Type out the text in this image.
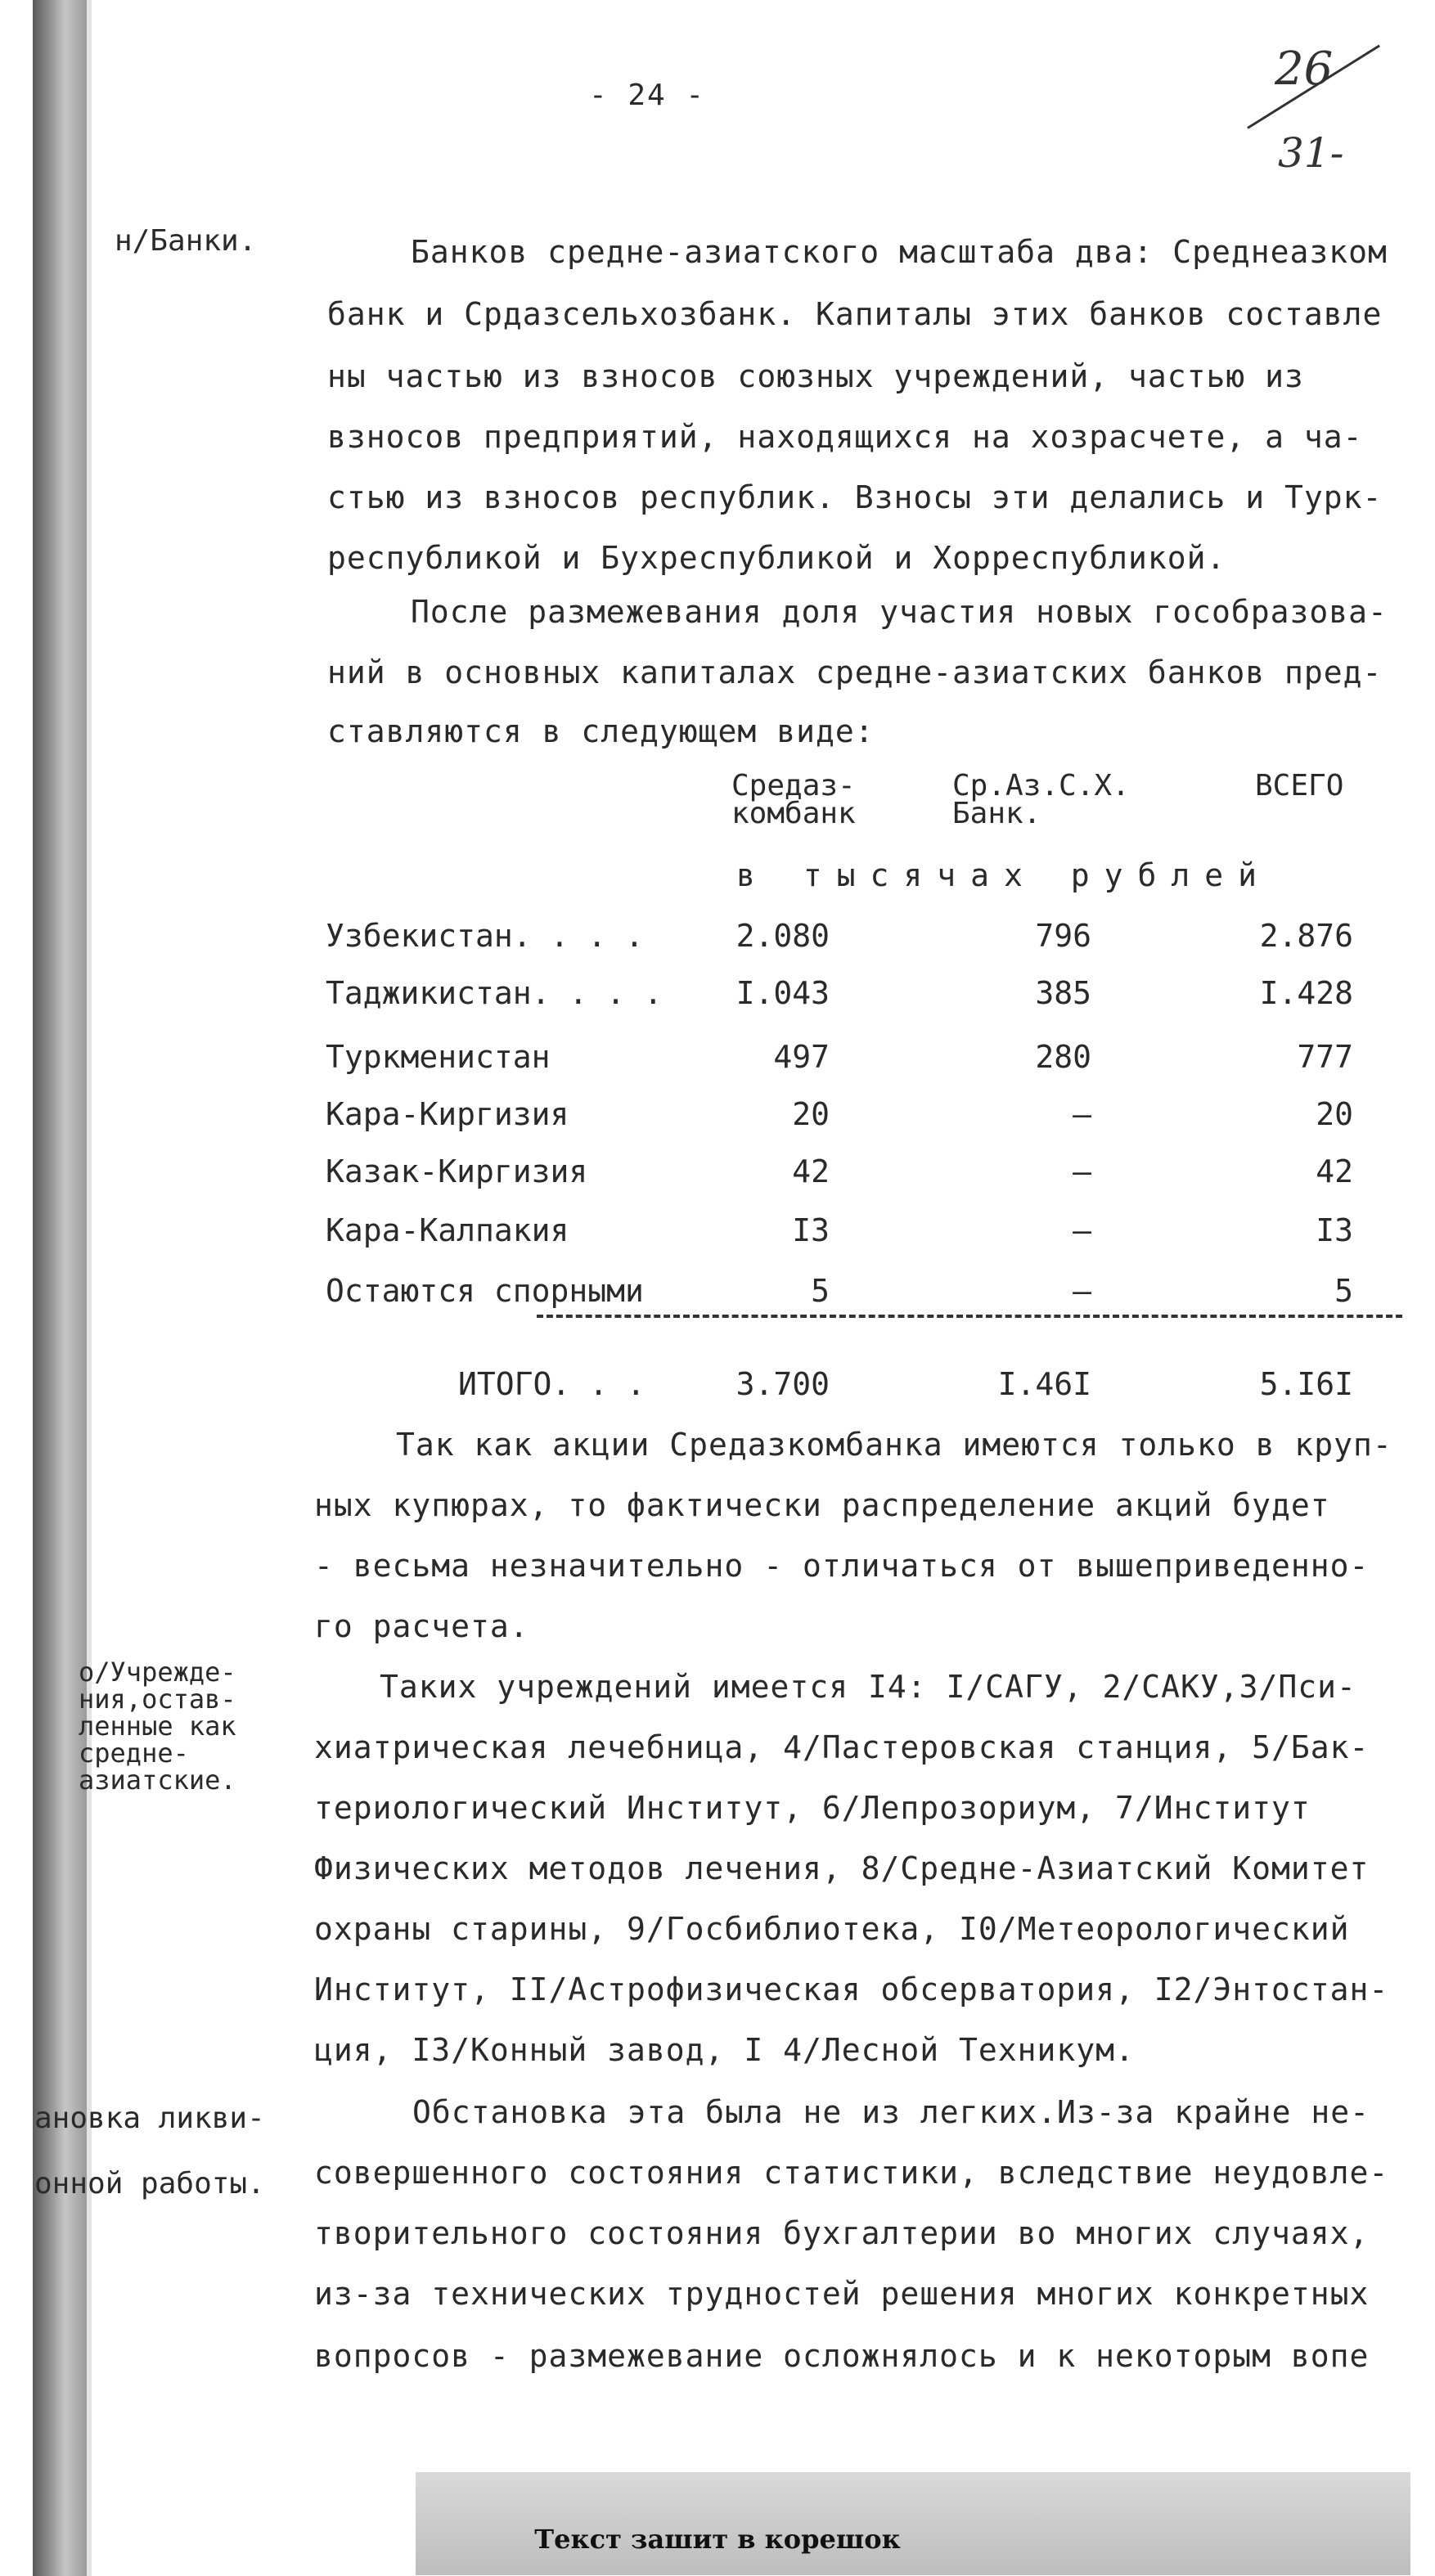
- 24 -	26
31-
н/Банки.
о/Учрежде-
ния,остав-
ленные как
средне-
азиатские.
ановка ликви-
онной работы.
Банков средне-азиатского масштаба два: Среднеазком
банк и Срдазсельхозбанк. Капиталы этих банков составле
ны частью из взносов союзных учреждений, частью из
взносов предприятий, находящихся на хозрасчете, а ча-
стью из взносов республик. Взносы эти делались и Турк-
республикой и Бухреспубликой и Хорреспубликой.
После размежевания доля участия новых гособразова-
ний в основных капиталах средне-азиатских банков пред-
ставляются в следующем виде:
Средаз-
комбанк
Ср.Аз.С.Х.
Банк.
ВСЕГО
в тысячах рублей
Узбекистан. . . .	2.080	796	2.876
Таджикистан. . . . I.043	385	I.428
Туркменистан	497	280	777
Кара-Киргизия	20	–	20
Казак-Киргизия	42	–	42
Кара-Калпакия	I3	–	I3
Остаются спорными	5	–	5
ИТОГО. . .	3.700	I.46I	5.I6I
Так как акции Средазкомбанка имеются только в круп-
ных купюрах, то фактически распределение акций будет
- весьма незначительно - отличаться от вышеприведенно-
го расчета.
Таких учреждений имеется I4: I/САГУ, 2/САКУ,3/Пси-
хиатрическая лечебница, 4/Пастеровская станция, 5/Бак-
териологический Институт, 6/Лепрозориум, 7/Институт
Физических методов лечения, 8/Средне-Азиатский Комитет
охраны старины, 9/Госбиблиотека, I0/Метеорологический
Институт, II/Астрофизическая обсерватория, I2/Энтостан-
ция, I3/Конный завод, I 4/Лесной Техникум.
Обстановка эта была не из легких.Из-за крайне не-
совершенного состояния статистики, вследствие неудовле-
творительного состояния бухгалтерии во многих случаях,
из-за технических трудностей решения многих конкретных
вопросов - размежевание осложнялось и к некоторым вопе
Текст зашит в корешок
